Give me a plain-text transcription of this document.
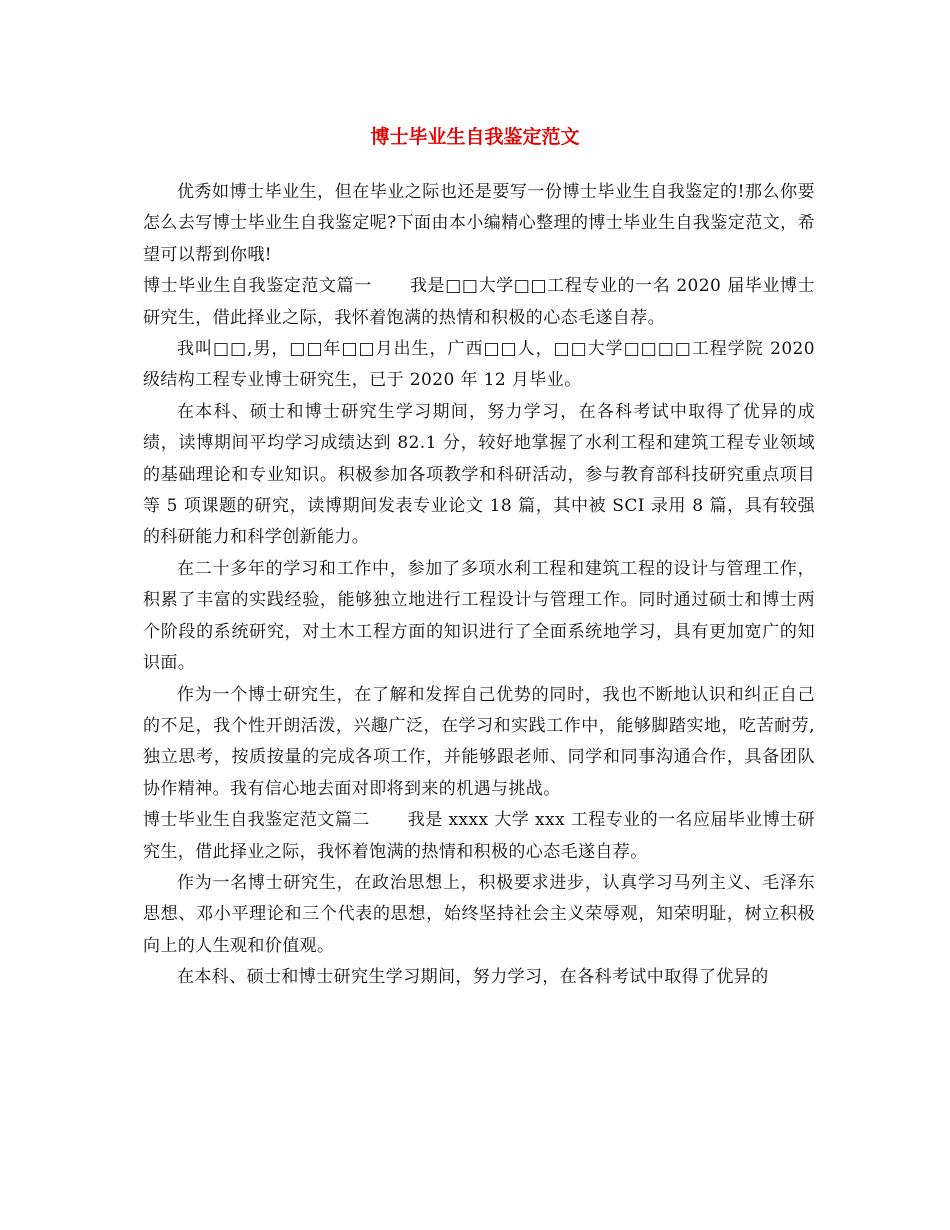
博士毕业生自我鉴定范文

优秀如博士毕业生，但在毕业之际也还是要写一份博士毕业生自我鉴定的!那么你要怎么去写博士毕业生自我鉴定呢?下面由本小编精心整理的博士毕业生自我鉴定范文，希望可以帮到你哦!

博士毕业生自我鉴定范文篇一 我是□□大学□□工程专业的一名 2020 届毕业博士研究生，借此择业之际，我怀着饱满的热情和积极的心态毛遂自荐。

我叫□□,男，□□年□□月出生，广西□□人，□□大学□□□□工程学院 2020 级结构工程专业博士研究生，已于 2020 年 12 月毕业。

在本科、硕士和博士研究生学习期间，努力学习，在各科考试中取得了优异的成绩，读博期间平均学习成绩达到 82.1 分，较好地掌握了水利工程和建筑工程专业领域的基础理论和专业知识。积极参加各项教学和科研活动，参与教育部科技研究重点项目等 5 项课题的研究，读博期间发表专业论文 18 篇，其中被 SCI 录用 8 篇，具有较强的科研能力和科学创新能力。

在二十多年的学习和工作中，参加了多项水利工程和建筑工程的设计与管理工作，积累了丰富的实践经验，能够独立地进行工程设计与管理工作。同时通过硕士和博士两个阶段的系统研究，对土木工程方面的知识进行了全面系统地学习，具有更加宽广的知识面。

作为一个博士研究生，在了解和发挥自己优势的同时，我也不断地认识和纠正自己的不足，我个性开朗活泼，兴趣广泛，在学习和实践工作中，能够脚踏实地，吃苦耐劳,独立思考，按质按量的完成各项工作，并能够跟老师、同学和同事沟通合作，具备团队协作精神。我有信心地去面对即将到来的机遇与挑战。

博士毕业生自我鉴定范文篇二 我是 xxxx 大学 xxx 工程专业的一名应届毕业博士研究生，借此择业之际，我怀着饱满的热情和积极的心态毛遂自荐。

作为一名博士研究生，在政治思想上，积极要求进步，认真学习马列主义、毛泽东思想、邓小平理论和三个代表的思想，始终坚持社会主义荣辱观，知荣明耻，树立积极向上的人生观和价值观。

在本科、硕士和博士研究生学习期间，努力学习，在各科考试中取得了优异的
